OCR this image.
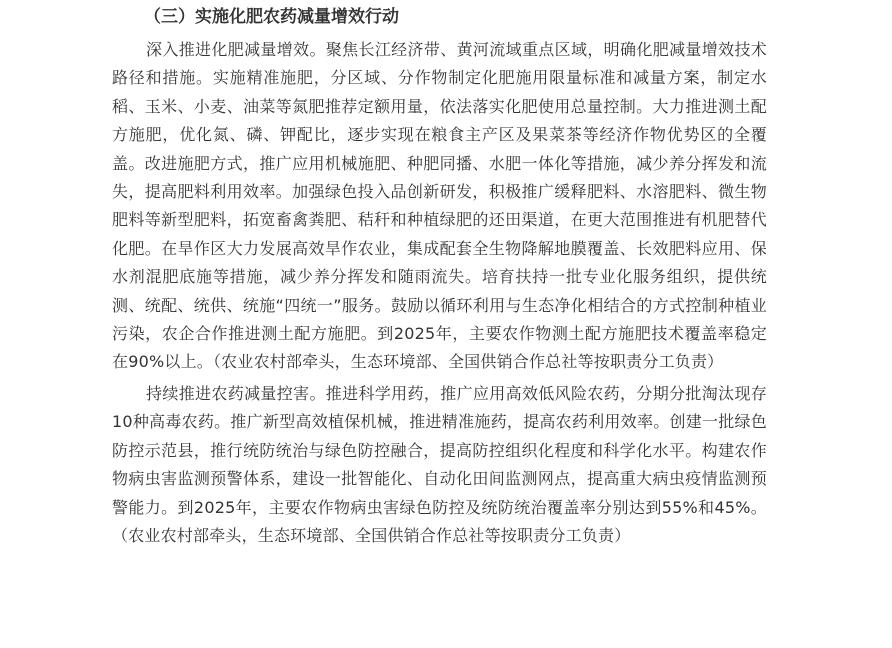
（三）实施化肥农药减量增效行动

深入推进化肥减量增效。聚焦长江经济带、黄河流域重点区域，明确化肥减量增效技术路径和措施。实施精准施肥，分区域、分作物制定化肥施用限量标准和减量方案，制定水稻、玉米、小麦、油菜等氮肥推荐定额用量，依法落实化肥使用总量控制。大力推进测土配方施肥，优化氮、磷、钾配比，逐步实现在粮食主产区及果菜茶等经济作物优势区的全覆盖。改进施肥方式，推广应用机械施肥、种肥同播、水肥一体化等措施，减少养分挥发和流失，提高肥料利用效率。加强绿色投入品创新研发，积极推广缓释肥料、水溶肥料、微生物肥料等新型肥料，拓宽畜禽粪肥、秸秆和种植绿肥的还田渠道，在更大范围推进有机肥替代化肥。在旱作区大力发展高效旱作农业，集成配套全生物降解地膜覆盖、长效肥料应用、保水剂混肥底施等措施，减少养分挥发和随雨流失。培育扶持一批专业化服务组织，提供统测、统配、统供、统施“四统一”服务。鼓励以循环利用与生态净化相结合的方式控制种植业污染，农企合作推进测土配方施肥。到2025年，主要农作物测土配方施肥技术覆盖率稳定在90%以上。（农业农村部牵头，生态环境部、全国供销合作总社等按职责分工负责）

持续推进农药减量控害。推进科学用药，推广应用高效低风险农药，分期分批淘汰现存10种高毒农药。推广新型高效植保机械，推进精准施药，提高农药利用效率。创建一批绿色防控示范县，推行统防统治与绿色防控融合，提高防控组织化程度和科学化水平。构建农作物病虫害监测预警体系，建设一批智能化、自动化田间监测网点，提高重大病虫疫情监测预警能力。到2025年，主要农作物病虫害绿色防控及统防统治覆盖率分别达到55%和45%。（农业农村部牵头，生态环境部、全国供销合作总社等按职责分工负责）
